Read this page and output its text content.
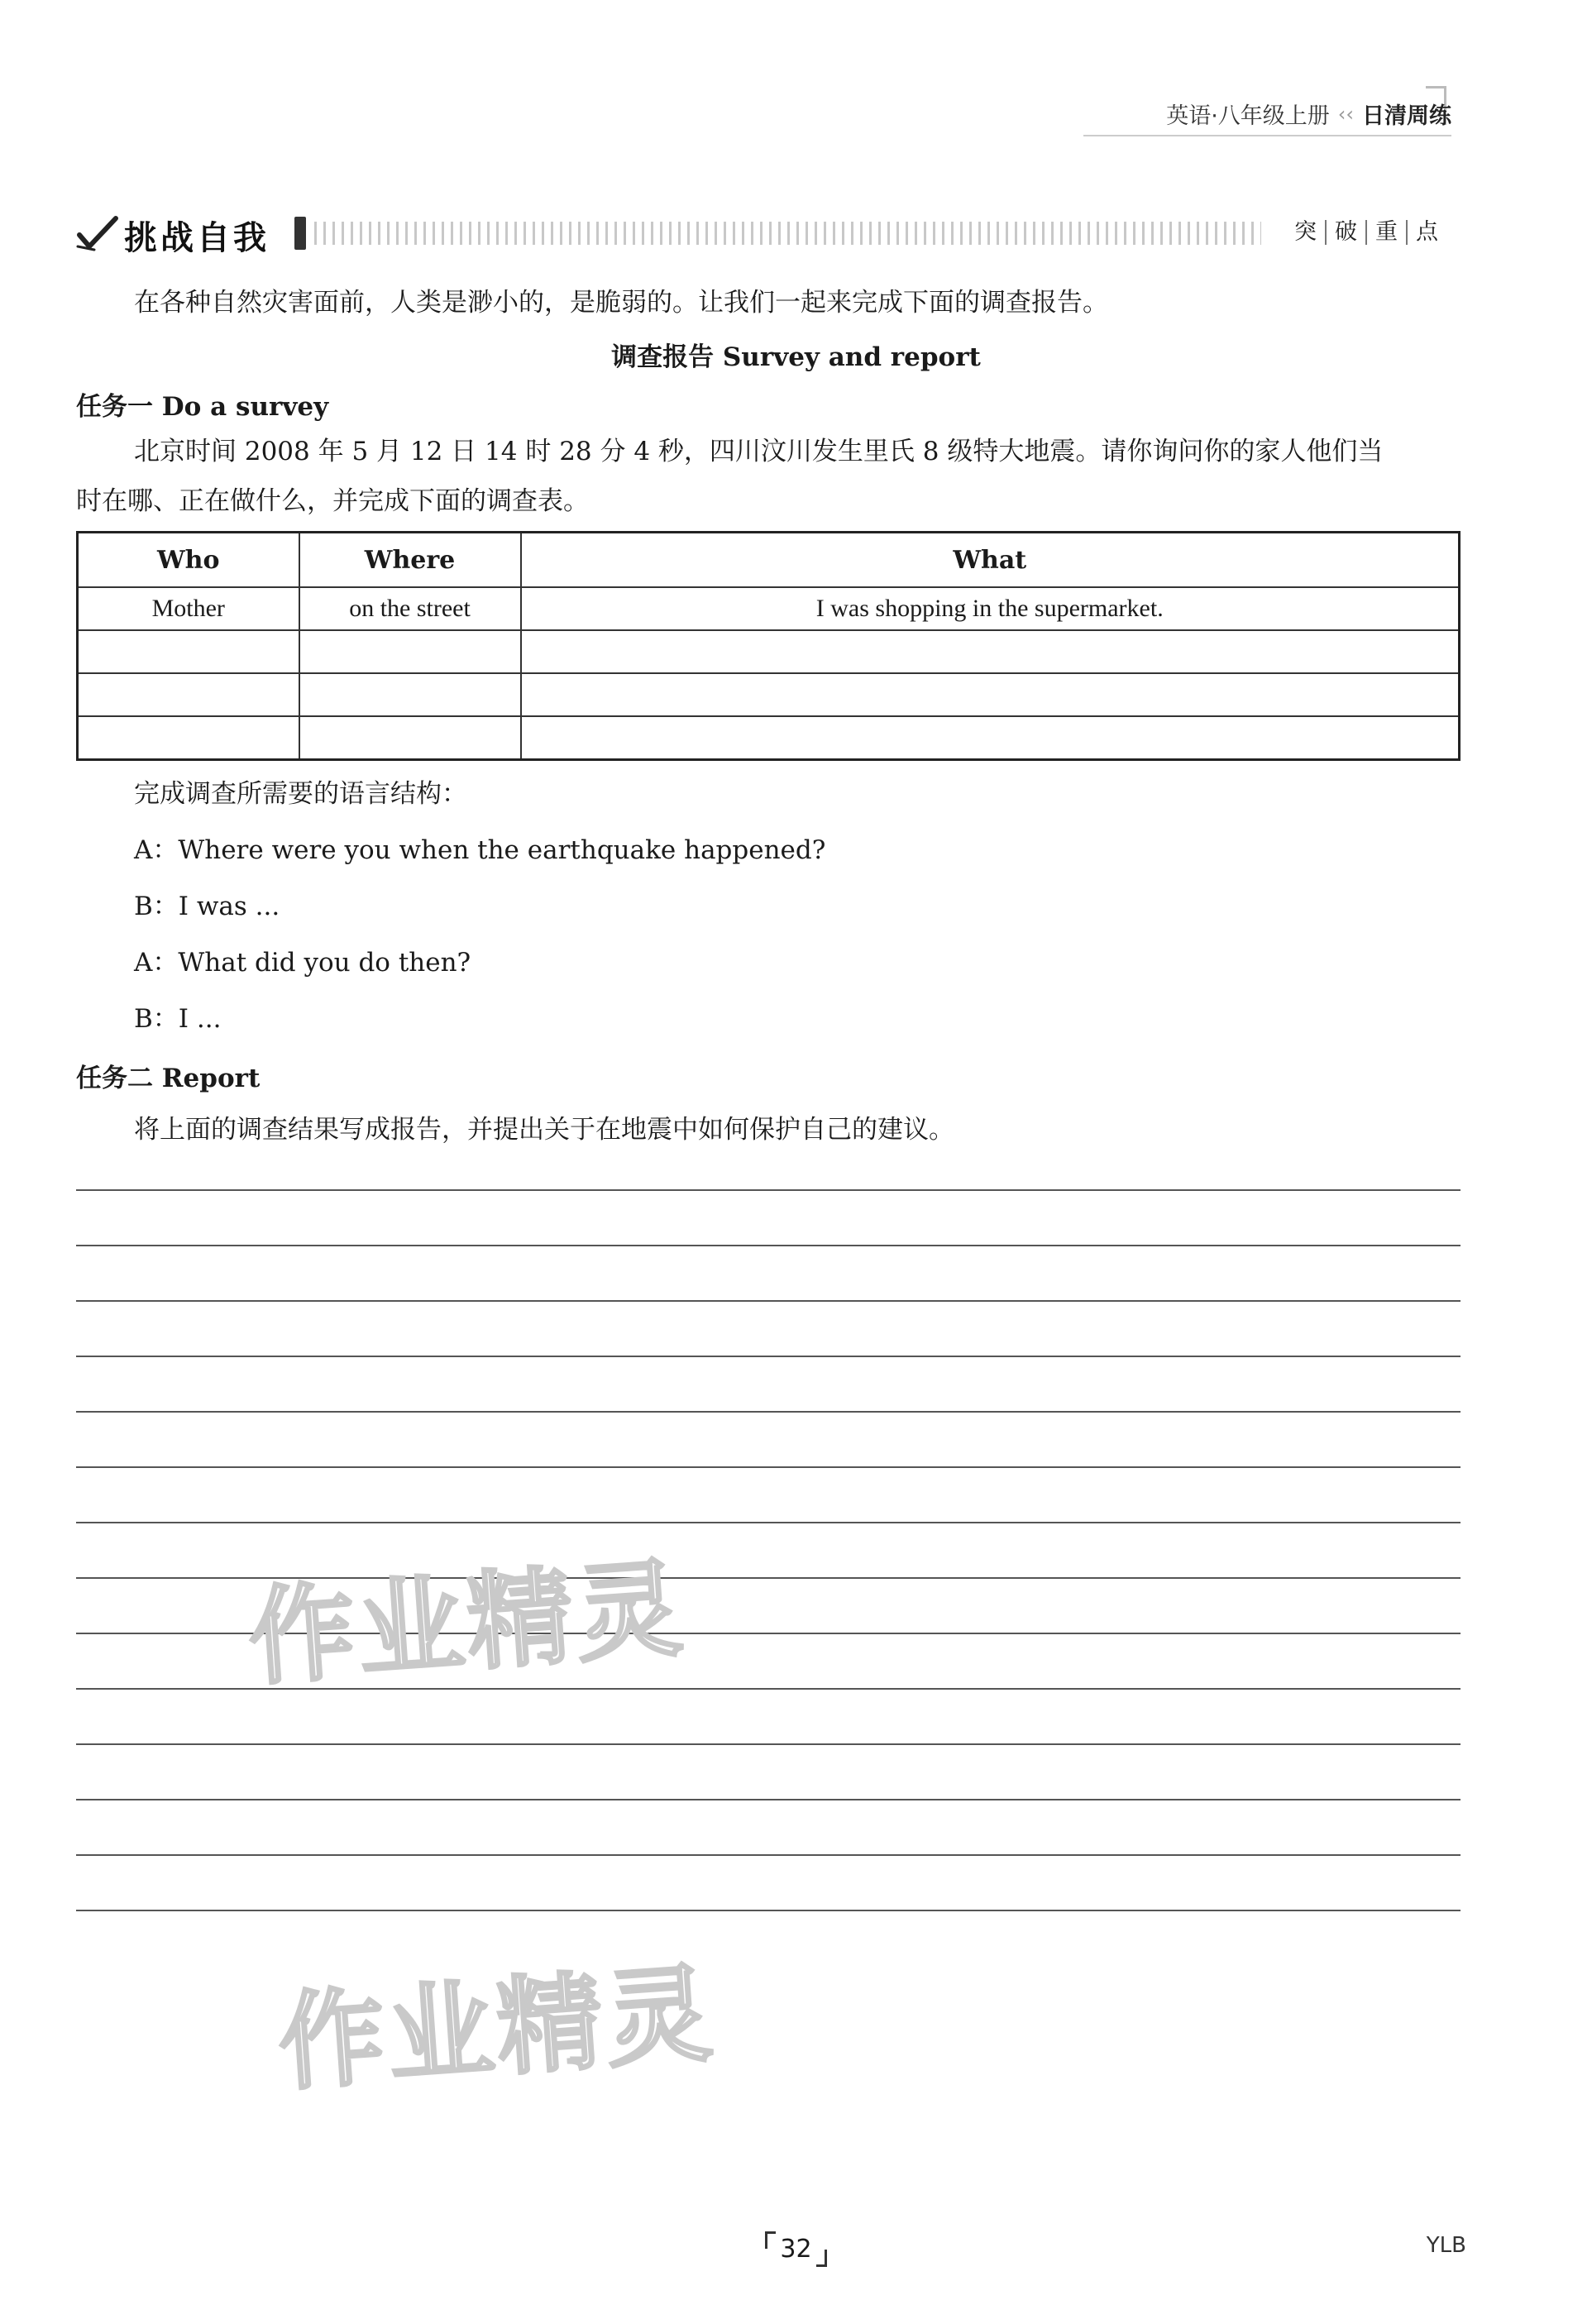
英语·八年级上册 ‹‹ 日清周练
挑战自我	突 破 重 点
在各种自然灾害面前，人类是渺小的，是脆弱的。让我们一起来完成下面的调查报告。
调查报告 Survey and report
任务一 Do a survey
北京时间 2008 年 5 月 12 日 14 时 28 分 4 秒，四川汶川发生里氏 8 级特大地震。请你询问你的家人他们当
时在哪、正在做什么，并完成下面的调查表。
Who	Where	What
Mother	on the street	I was shopping in the supermarket.

完成调查所需要的语言结构：
A：Where were you when the earthquake happened?
B：I was ...
A：What did you do then?
B：I ...
任务二 Report
将上面的调查结果写成报告，并提出关于在地震中如何保护自己的建议。
作业精灵
作业精灵
32	YLB
